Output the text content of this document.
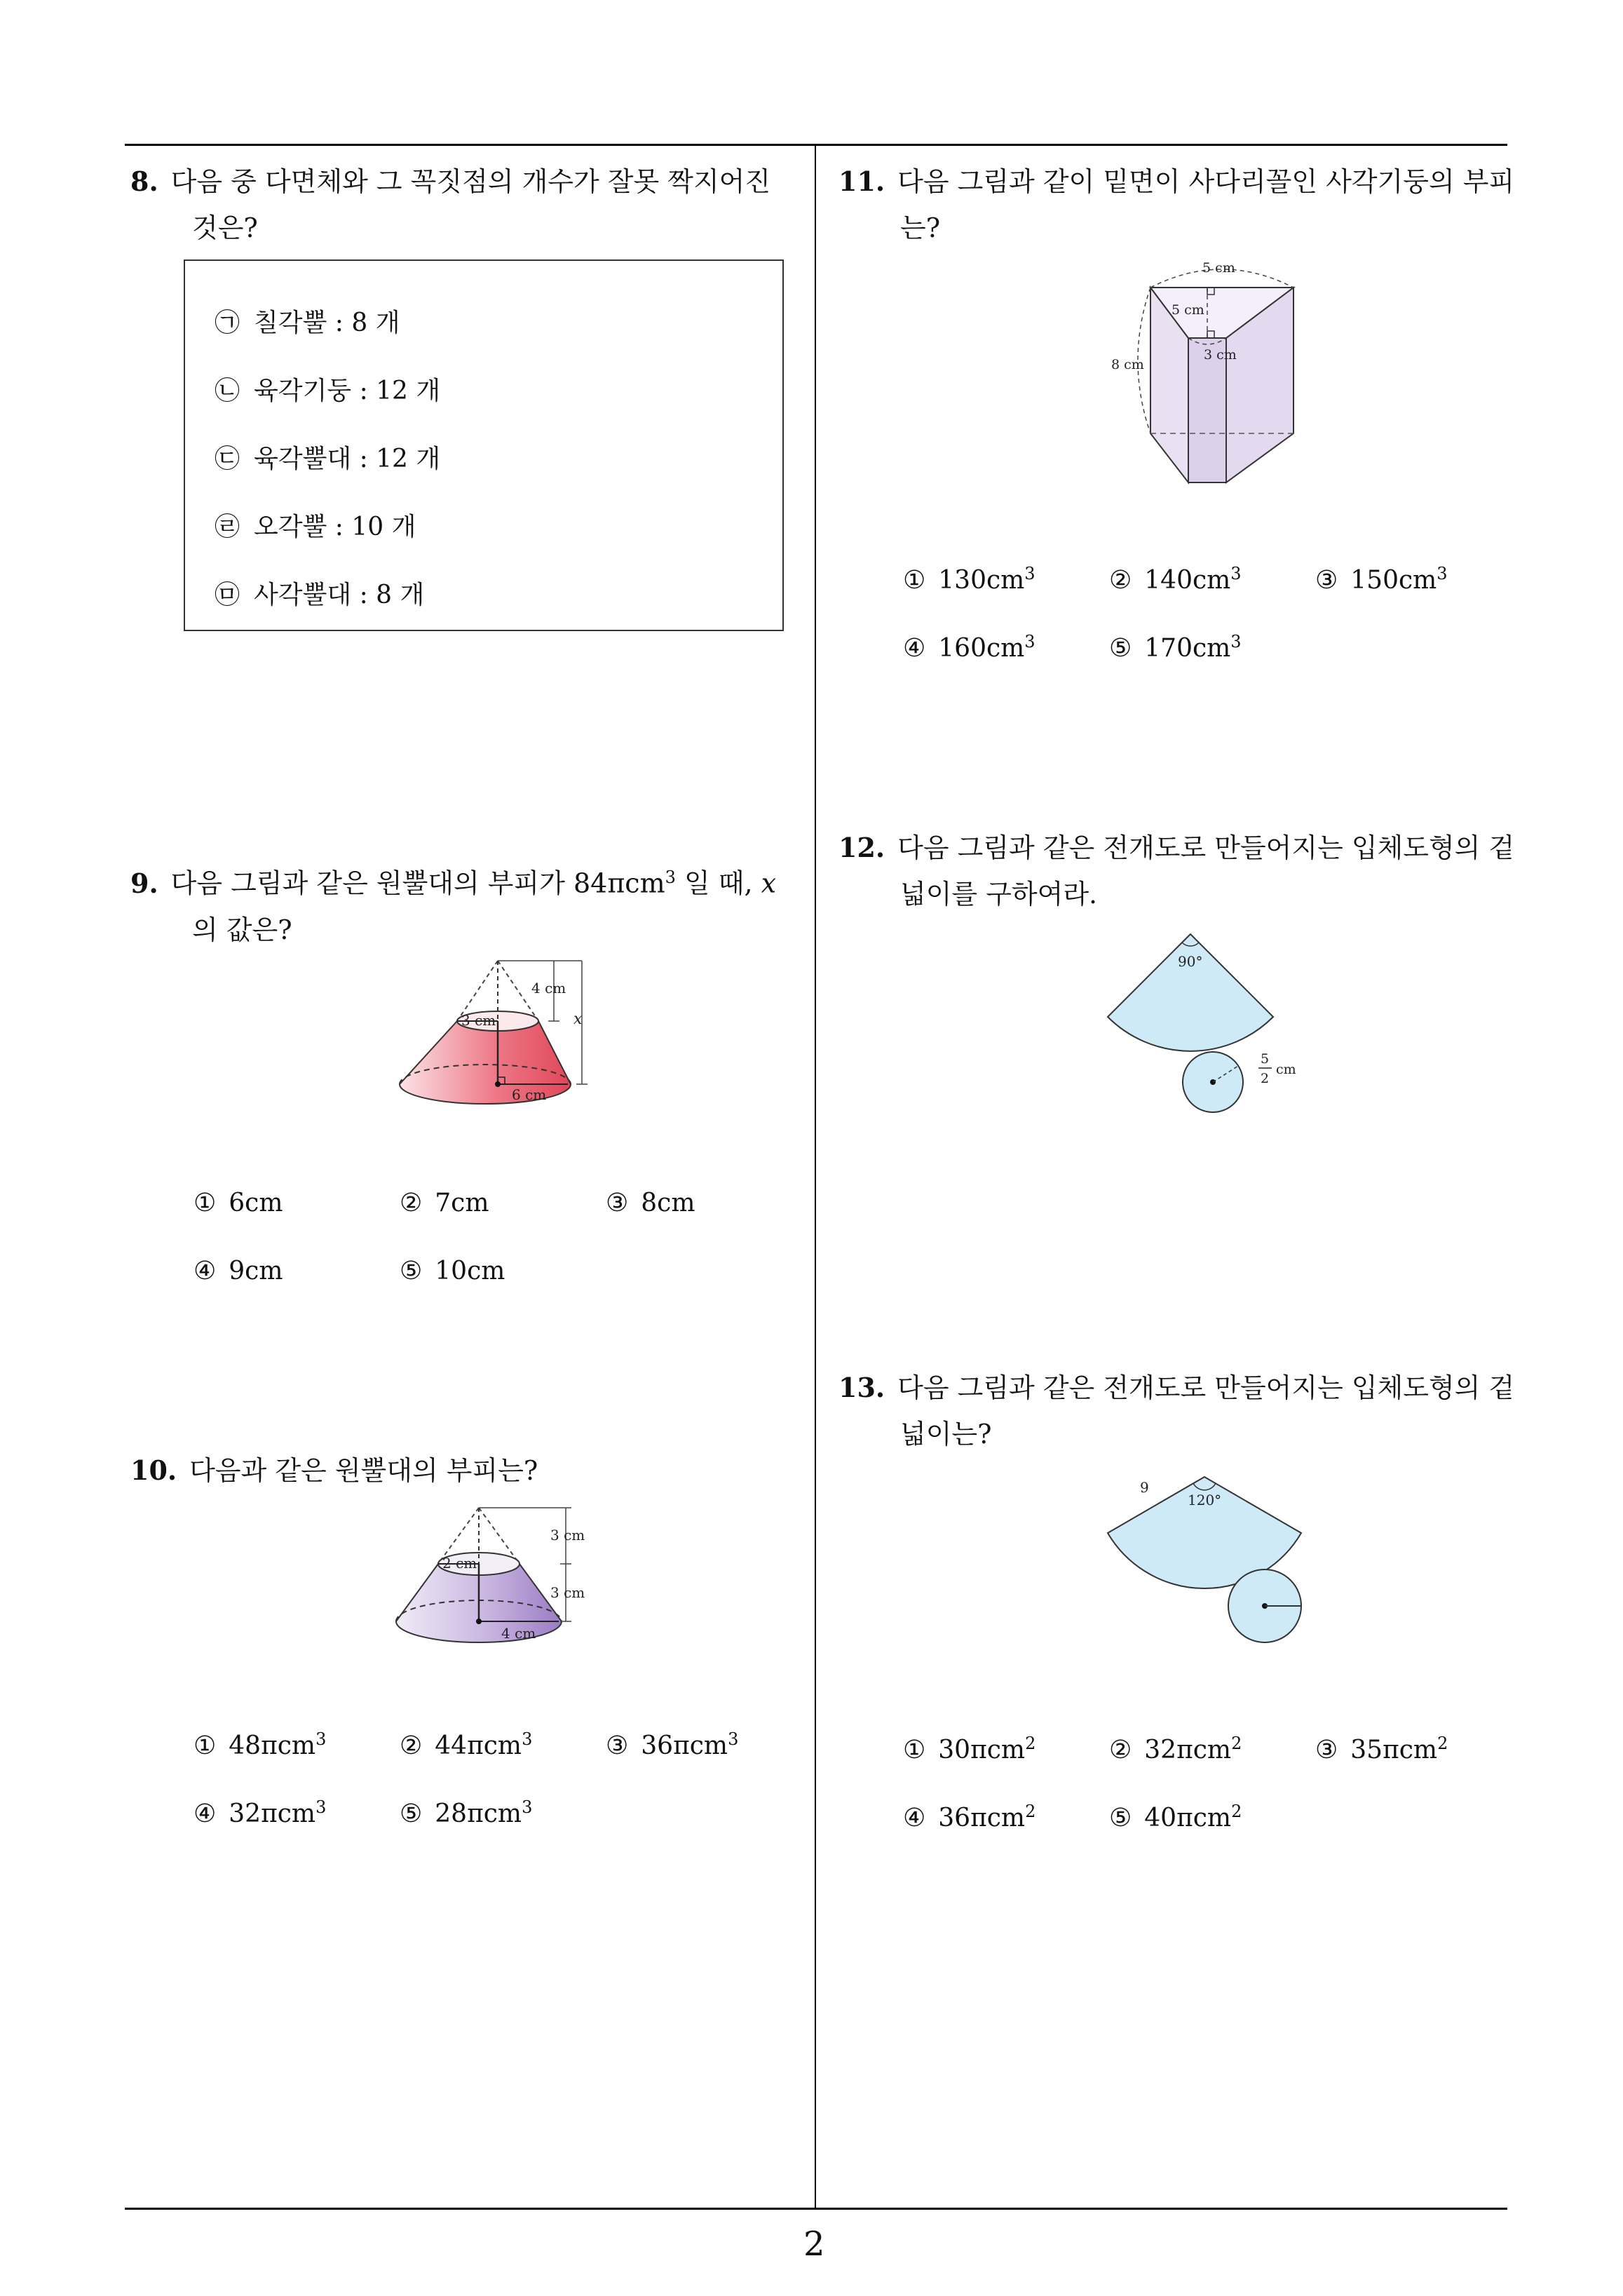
8. 다음 중 다면체와 그 꼭짓점의 개수가 잘못 짝지어진
것은?
㉠ 칠각뿔 : 8 개
㉡ 육각기둥 : 12 개
㉢ 육각뿔대 : 12 개
㉣ 오각뿔 : 10 개
㉤ 사각뿔대 : 8 개
9. 다음 그림과 같은 원뿔대의 부피가 84πcm$^3$ 일 때, x
의 값은?
4 cm
3 cm
6 cm
x
① 6cm	② 7cm	③ 8cm
④ 9cm	⑤ 10cm
10. 다음과 같은 원뿔대의 부피는?
3 cm
3 cm
2 cm
4 cm
① 48πcm$^3$	② 44πcm$^3$	③ 36πcm$^3$
④ 32πcm$^3$	⑤ 28πcm$^3$
11. 다음 그림과 같이 밑면이 사다리꼴인 사각기둥의 부피
는?
5 cm
5 cm
3 cm
8 cm
① $130cm^3$	② $140cm^3$	③ $150cm^3$
④ $160cm^3$	⑤ $170cm^3$
12. 다음 그림과 같은 전개도로 만들어지는 입체도형의 겉
넓이를 구하여라.
90°
5
2
cm
13. 다음 그림과 같은 전개도로 만들어지는 입체도형의 겉
넓이는?
9
120°
① 30πcm$^2$	② 32πcm$^2$	③ 35πcm$^2$
④ 36πcm$^2$	⑤ 40πcm$^2$
2
